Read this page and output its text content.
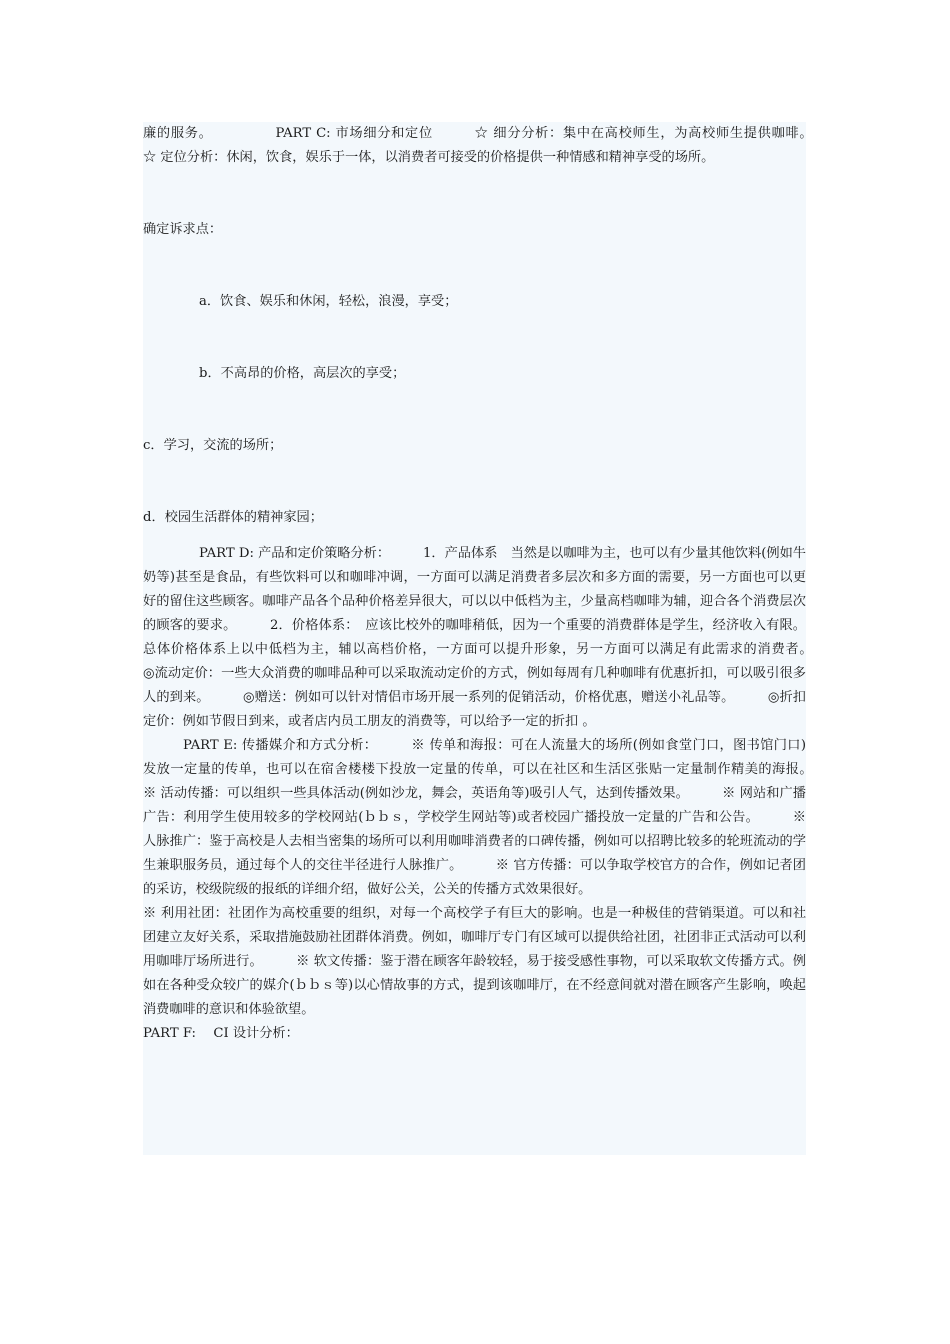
廉的服务。　　　　　PART C: 市场细分和定位　　　☆ 细分分析：集中在高校师生，为高校师生提供咖啡。　　　☆ 定位分析：休闲，饮食，娱乐于一体，以消费者可接受的价格提供一种情感和精神享受的场所。

确定诉求点：

a．饮食、娱乐和休闲，轻松，浪漫，享受；

b．不高昂的价格，高层次的享受；

c．学习，交流的场所；

d．校园生活群体的精神家园；

PART D: 产品和定价策略分析：　　　1．产品体系　当然是以咖啡为主，也可以有少量其他饮料(例如牛奶等)甚至是食品，有些饮料可以和咖啡冲调，一方面可以满足消费者多层次和多方面的需要，另一方面也可以更好的留住这些顾客。咖啡产品各个品种价格差异很大，可以以中低档为主，少量高档咖啡为辅，迎合各个消费层次的顾客的要求。　　　2．价格体系：　应该比校外的咖啡稍低，因为一个重要的消费群体是学生，经济收入有限。总体价格体系上以中低档为主，辅以高档价格，一方面可以提升形象，另一方面可以满足有此需求的消费者。　　　◎流动定价：一些大众消费的咖啡品种可以采取流动定价的方式，例如每周有几种咖啡有优惠折扣，可以吸引很多人的到来。　　　◎赠送：例如可以针对情侣市场开展一系列的促销活动，价格优惠，赠送小礼品等。　　　◎折扣定价：例如节假日到来，或者店内员工朋友的消费等，可以给予一定的折扣 。

PART E: 传播媒介和方式分析：　　　※ 传单和海报：可在人流量大的场所(例如食堂门口，图书馆门口) 发放一定量的传单，也可以在宿舍楼楼下投放一定量的传单，可以在社区和生活区张贴一定量制作精美的海报。　　　※ 活动传播：可以组织一些具体活动(例如沙龙，舞会，英语角等)吸引人气，达到传播效果。　　　※ 网站和广播广告：利用学生使用较多的学校网站(ｂｂｓ，学校学生网站等)或者校园广播投放一定量的广告和公告。　　　※ 人脉推广：鉴于高校是人去相当密集的场所可以利用咖啡消费者的口碑传播，例如可以招聘比较多的轮班流动的学生兼职服务员，通过每个人的交往半径进行人脉推广。　　　※ 官方传播：可以争取学校官方的合作，例如记者团的采访，校级院级的报纸的详细介绍，做好公关，公关的传播方式效果很好。

※ 利用社团：社团作为高校重要的组织，对每一个高校学子有巨大的影响。也是一种极佳的营销渠道。可以和社团建立友好关系，采取措施鼓励社团群体消费。例如，咖啡厅专门有区域可以提供给社团，社团非正式活动可以利用咖啡厅场所进行。　　　※ 软文传播：鉴于潜在顾客年龄较轻，易于接受感性事物，可以采取软文传播方式。例如在各种受众较广的媒介(ｂｂｓ等)以心情故事的方式，提到该咖啡厅，在不经意间就对潜在顾客产生影响，唤起消费咖啡的意识和体验欲望。

PART F:　 CI 设计分析：
